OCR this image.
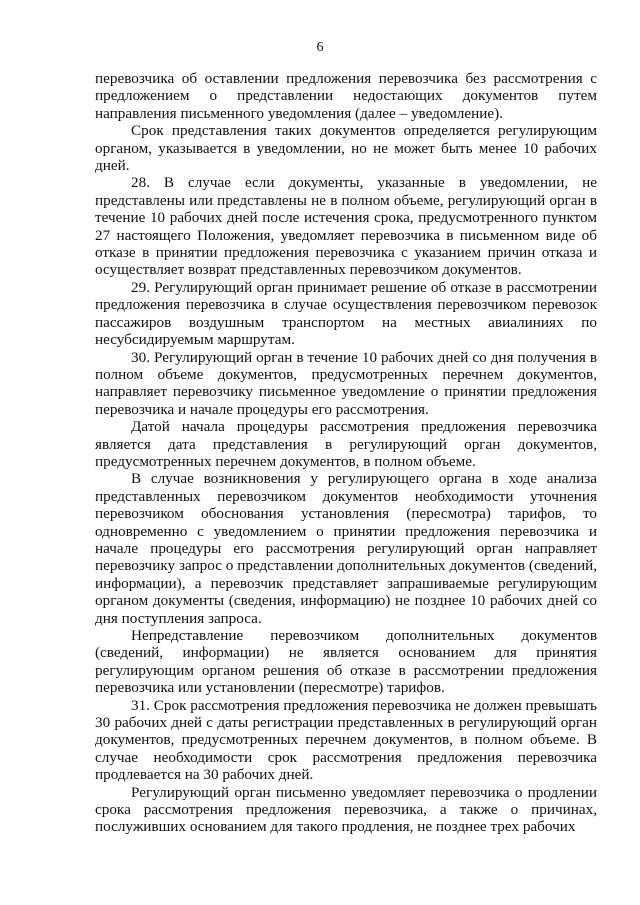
6

перевозчика об оставлении предложения перевозчика без рассмотрения с предложением о представлении недостающих документов путем направления письменного уведомления (далее – уведомление).

Срок представления таких документов определяется регулирующим органом, указывается в уведомлении, но не может быть менее 10 рабочих дней.

28. В случае если документы, указанные в уведомлении, не представлены или представлены не в полном объеме, регулирующий орган в течение 10 рабочих дней после истечения срока, предусмотренного пунктом 27 настоящего Положения, уведомляет перевозчика в письменном виде об отказе в принятии предложения перевозчика с указанием причин отказа и осуществляет возврат представленных перевозчиком документов.

29. Регулирующий орган принимает решение об отказе в рассмотрении предложения перевозчика в случае осуществления перевозчиком перевозок пассажиров воздушным транспортом на местных авиалиниях по несубсидируемым маршрутам.

30. Регулирующий орган в течение 10 рабочих дней со дня получения в полном объеме документов, предусмотренных перечнем документов, направляет перевозчику письменное уведомление о принятии предложения перевозчика и начале процедуры его рассмотрения.

Датой начала процедуры рассмотрения предложения перевозчика является дата представления в регулирующий орган документов, предусмотренных перечнем документов, в полном объеме.

В случае возникновения у регулирующего органа в ходе анализа представленных перевозчиком документов необходимости уточнения перевозчиком обоснования установления (пересмотра) тарифов, то одновременно с уведомлением о принятии предложения перевозчика и начале процедуры его рассмотрения регулирующий орган направляет перевозчику запрос о представлении дополнительных документов (сведений, информации), а перевозчик представляет запрашиваемые регулирующим органом документы (сведения, информацию) не позднее 10 рабочих дней со дня поступления запроса.

Непредставление перевозчиком дополнительных документов (сведений, информации) не является основанием для принятия регулирующим органом решения об отказе в рассмотрении предложения перевозчика или установлении (пересмотре) тарифов.

31. Срок рассмотрения предложения перевозчика не должен превышать 30 рабочих дней с даты регистрации представленных в регулирующий орган документов, предусмотренных перечнем документов, в полном объеме. В случае необходимости срок рассмотрения предложения перевозчика продлевается на 30 рабочих дней.

Регулирующий орган письменно уведомляет перевозчика о продлении срока рассмотрения предложения перевозчика, а также о причинах, послуживших основанием для такого продления, не позднее трех рабочих
